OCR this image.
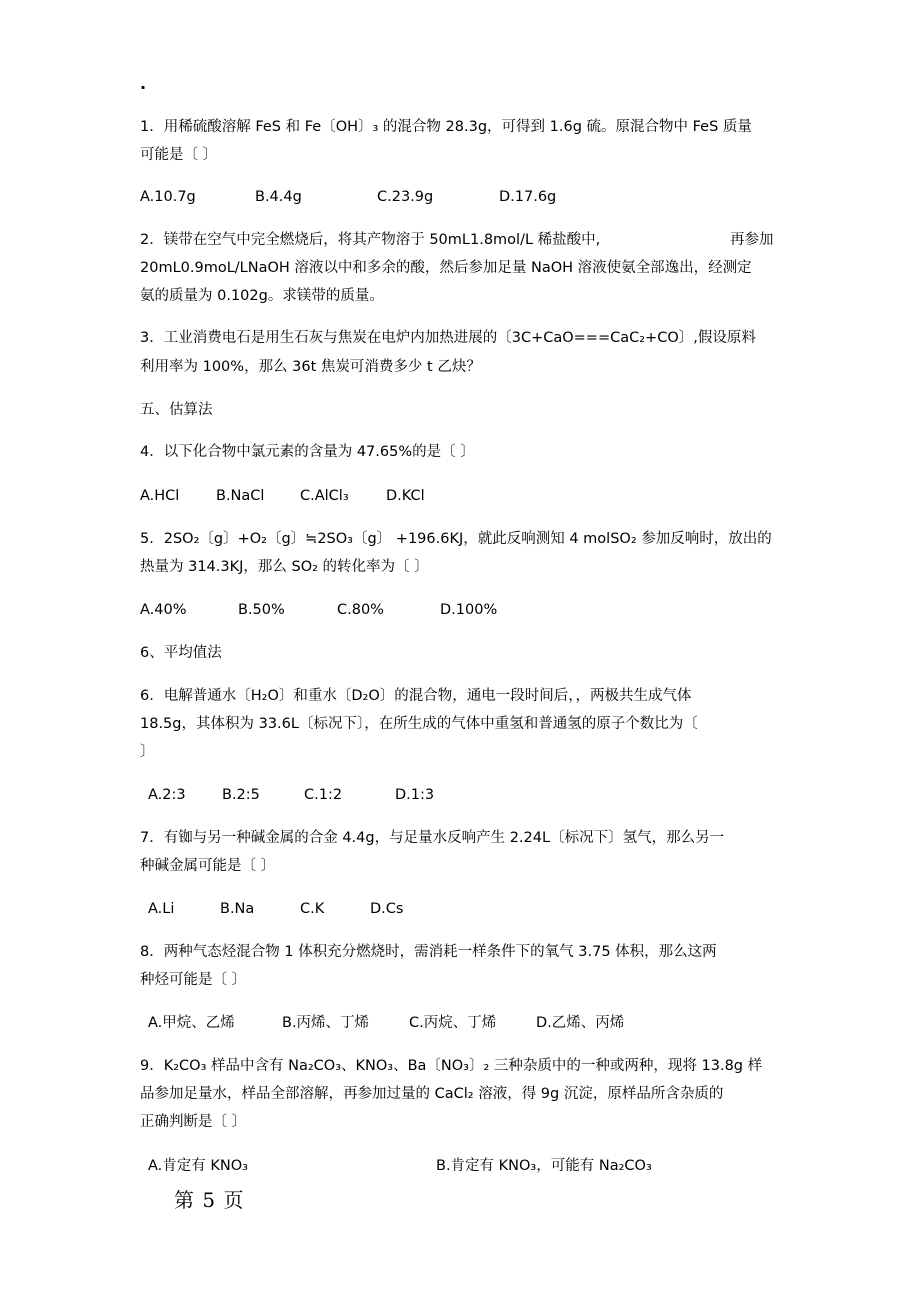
·
1．用稀硫酸溶解 FeS 和 Fe〔OH〕₃ 的混合物 28.3g，可得到 1.6g 硫。原混合物中 FeS 质量
可能是〔 〕
A.10.7g	B.4.4g	C.23.9g	D.17.6g
2．镁带在空气中完全燃烧后，将其产物溶于 50mL1.8mol/L 稀盐酸中,	再参加
20mL0.9moL/LNaOH 溶液以中和多余的酸，然后参加足量 NaOH 溶液使氨全部逸出，经测定
氨的质量为 0.102g。求镁带的质量。
3．工业消费电石是用生石灰与焦炭在电炉内加热进展的〔3C+CaO===CaC₂+CO〕,假设原料
利用率为 100%，那么 36t 焦炭可消费多少 t 乙炔？
五、估算法
4．以下化合物中氯元素的含量为 47.65%的是〔 〕
A.HCl	B.NaCl C.AlCl₃	D.KCl
5．2SO₂〔g〕+O₂〔g〕≒2SO₃〔g〕 +196.6KJ，就此反响测知 4 molSO₂ 参加反响时，放出的
热量为 314.3KJ，那么 SO₂ 的转化率为〔 〕
A.40%	B.50%	C.80%	D.100%
6、平均值法
6．电解普通水〔H₂O〕和重水〔D₂O〕的混合物，通电一段时间后，，两极共生成气体
18.5g，其体积为 33.6L〔标况下〕，在所生成的气体中重氢和普通氢的原子个数比为〔
〕
A.2:3	B.2:5	C.1:2	D.1:3
7．有铷与另一种碱金属的合金 4.4g，与足量水反响产生 2.24L〔标况下〕氢气，那么另一
种碱金属可能是〔 〕
A.Li	B.Na	C.K	D.Cs
8．两种气态烃混合物 1 体积充分燃烧时，需消耗一样条件下的氧气 3.75 体积，那么这两
种烃可能是〔 〕
A.甲烷、乙烯	B.丙烯、丁烯	C.丙烷、丁烯	D.乙烯、丙烯
9．K₂CO₃ 样品中含有 Na₂CO₃、KNO₃、Ba〔NO₃〕₂ 三种杂质中的一种或两种，现将 13.8g 样
品参加足量水，样品全部溶解，再参加过量的 CaCl₂ 溶液，得 9g 沉淀，原样品所含杂质的
正确判断是〔 〕
A.肯定有 KNO₃	B.肯定有 KNO₃，可能有 Na₂CO₃
第 5 页
